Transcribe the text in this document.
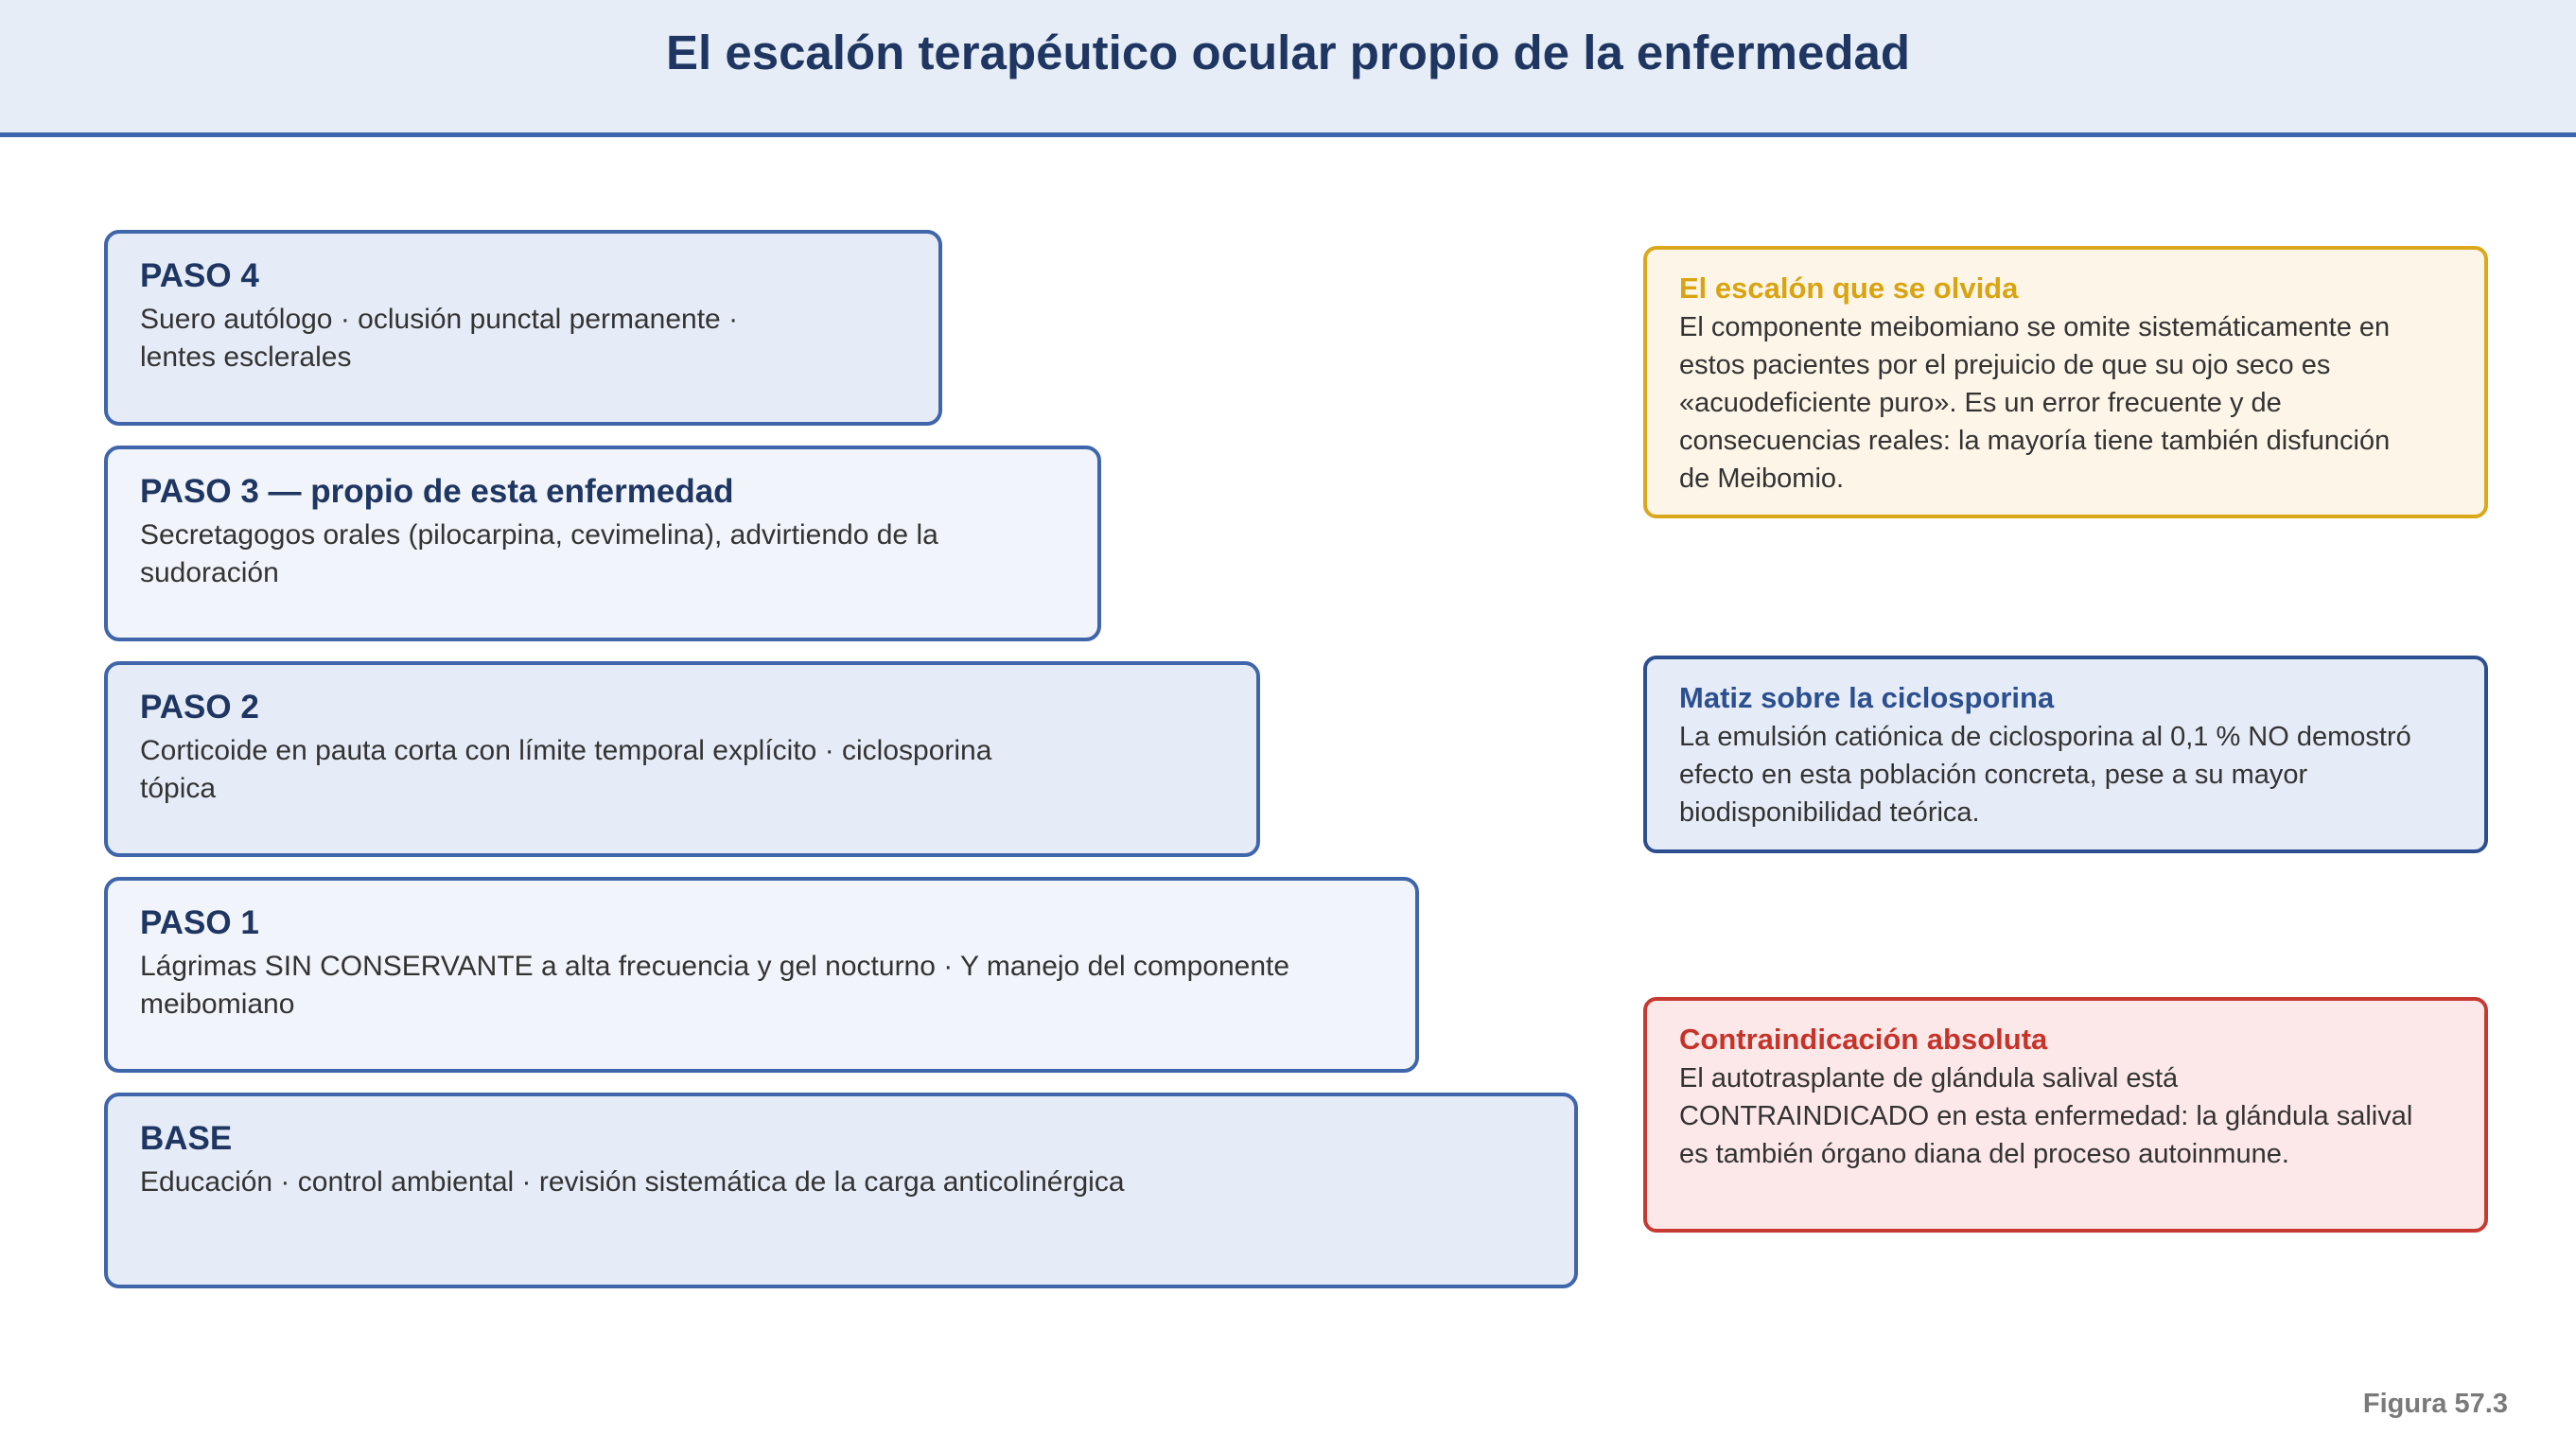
El escalón terapéutico ocular propio de la enfermedad
PASO 4
Suero autólogo · oclusión punctal permanente · lentes esclerales
PASO 3 — propio de esta enfermedad
Secretagogos orales (pilocarpina, cevimelina), advirtiendo de la sudoración
PASO 2
Corticoide en pauta corta con límite temporal explícito · ciclosporina tópica
PASO 1
Lágrimas SIN CONSERVANTE a alta frecuencia y gel nocturno · Y manejo del componente meibomiano
BASE
Educación · control ambiental · revisión sistemática de la carga anticolinérgica
El escalón que se olvida
El componente meibomiano se omite sistemáticamente en estos pacientes por el prejuicio de que su ojo seco es «acuodeficiente puro». Es un error frecuente y de consecuencias reales: la mayoría tiene también disfunción de Meibomio.
Matiz sobre la ciclosporina
La emulsión catiónica de ciclosporina al 0,1 % NO demostró efecto en esta población concreta, pese a su mayor biodisponibilidad teórica.
Contraindicación absoluta
El autotrasplante de glándula salival está CONTRAINDICADO en esta enfermedad: la glándula salival es también órgano diana del proceso autoinmune.
Figura 57.3
